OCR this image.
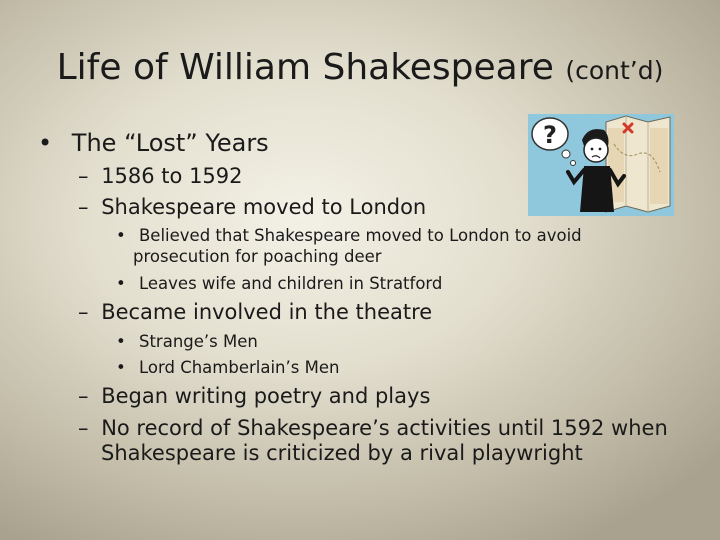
Life of William Shakespeare (cont’d)
• The “Lost” Years
– 1586 to 1592
– Shakespeare moved to London
• Believed that Shakespeare moved to London to avoid
prosecution for poaching deer
• Leaves wife and children in Stratford
– Became involved in the theatre
• Strange’s Men
• Lord Chamberlain’s Men
– Began writing poetry and plays
– No record of Shakespeare’s activities until 1592 when
Shakespeare is criticized by a rival playwright
?
